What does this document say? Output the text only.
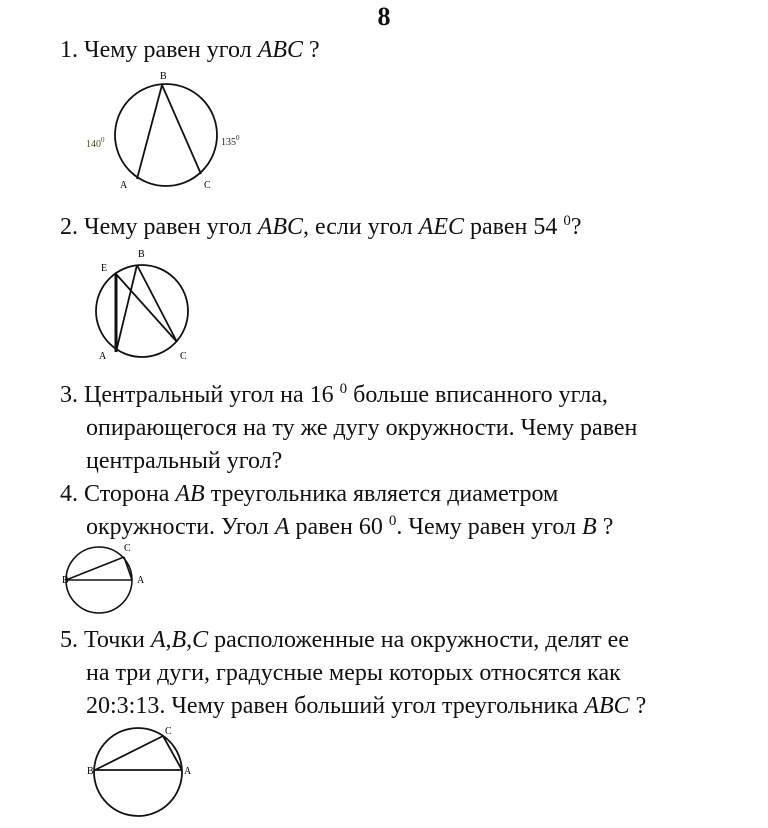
8
1. Чему равен угол ABC ?
B
A	C
$140^0$	$135^0$
2. Чему равен угол ABC, если угол AEC равен 54 $^0$?
E
B
A	C
3. Центральный угол на 16 $^0$ больше вписанного угла,
опирающегося на ту же дугу окружности. Чему равен
центральный угол?
4. Сторона AB треугольника является диаметром
окружности. Угол A равен 60 $^0$. Чему равен угол B ?
B	A
C
5. Точки A,B,C расположенные на окружности, делят ее
на три дуги, градусные меры которых относятся как
20:3:13. Чему равен больший угол треугольника ABC ?
B	A
C
